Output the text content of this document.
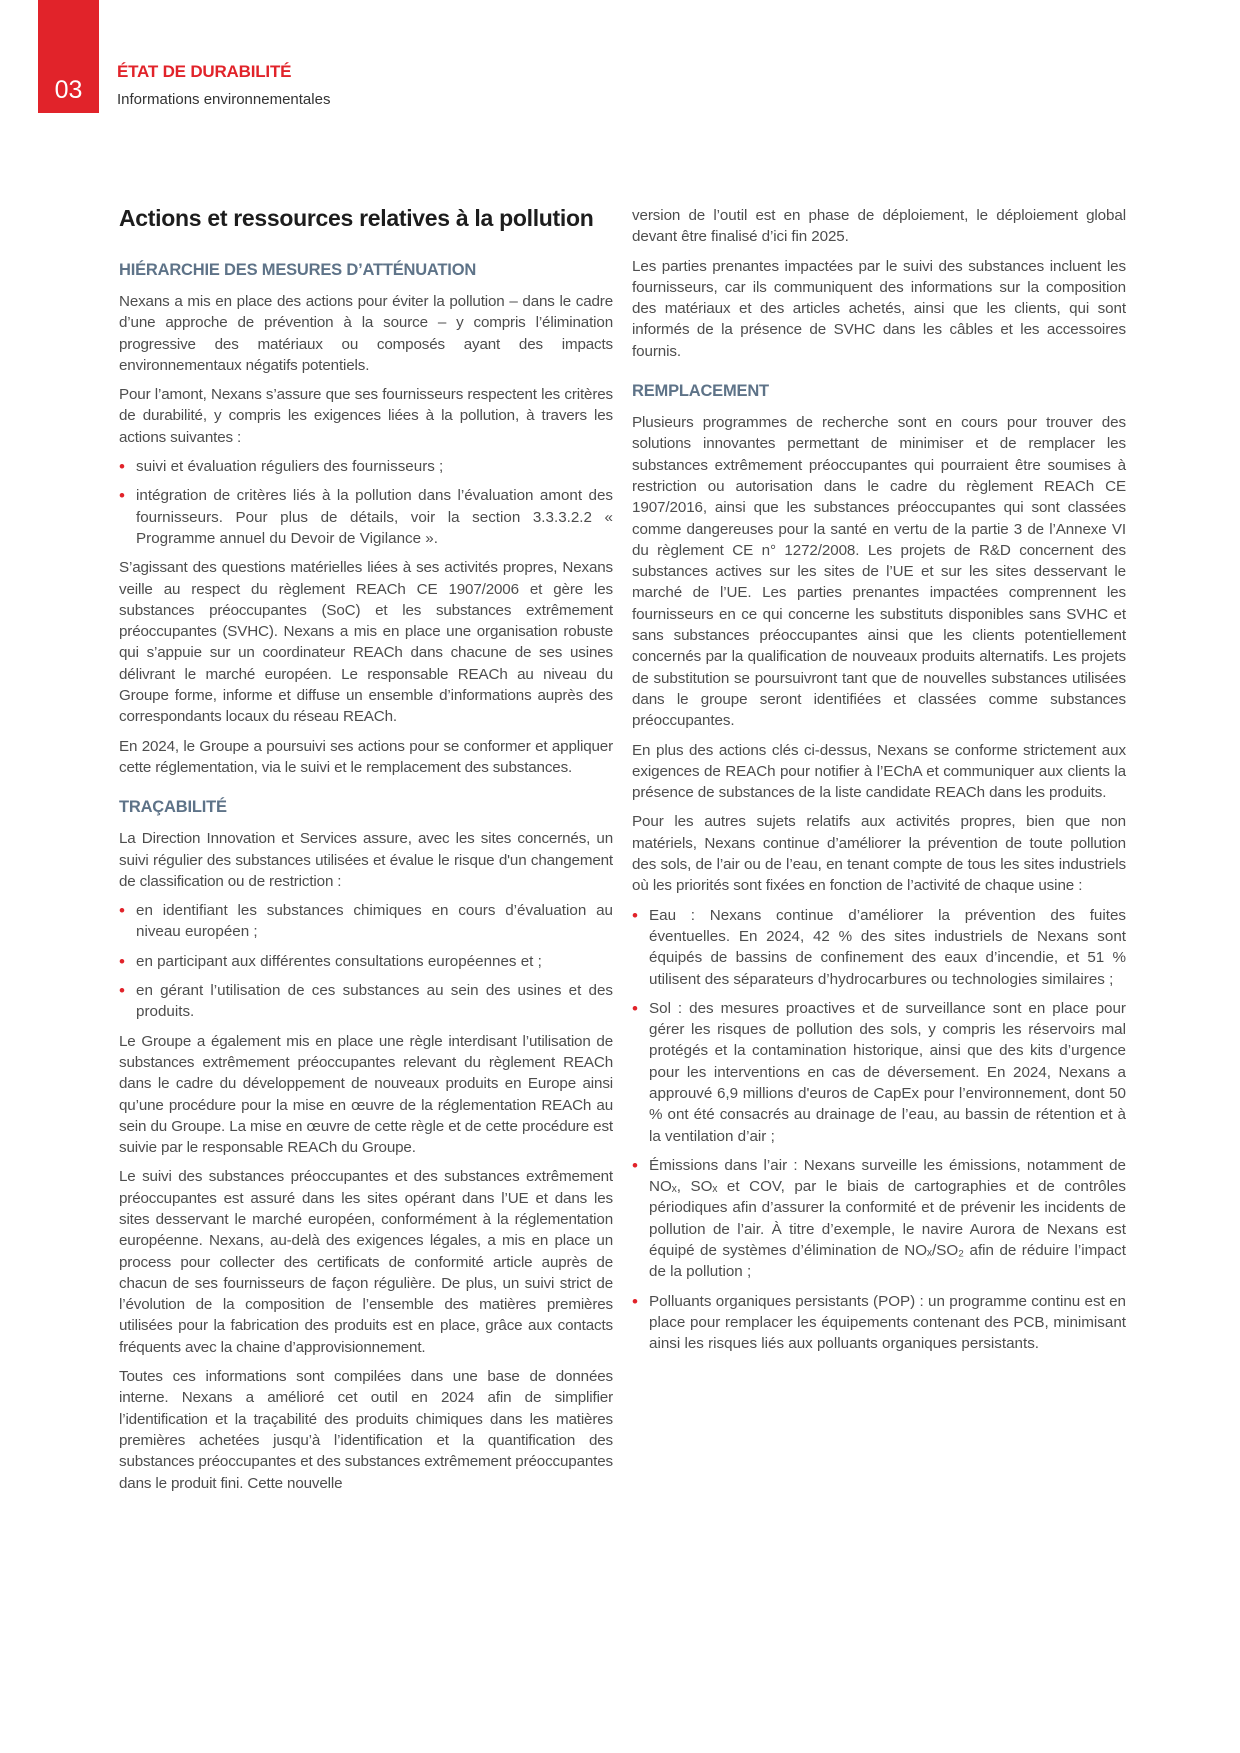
03
ÉTAT DE DURABILITÉ
Informations environnementales
Actions et ressources relatives à la pollution
HIÉRARCHIE DES MESURES D’ATTÉNUATION

Nexans a mis en place des actions pour éviter la pollution – dans le cadre d’une approche de prévention à la source – y compris l’élimination progressive des matériaux ou composés ayant des impacts environnementaux négatifs potentiels.

Pour l’amont, Nexans s’assure que ses fournisseurs respectent les critères de durabilité, y compris les exigences liées à la pollution, à travers les actions suivantes :

• suivi et évaluation réguliers des fournisseurs ;
• intégration de critères liés à la pollution dans l’évaluation amont des fournisseurs. Pour plus de détails, voir la section 3.3.3.2.2 « Programme annuel du Devoir de Vigilance ».

S’agissant des questions matérielles liées à ses activités propres, Nexans veille au respect du règlement REACh CE 1907/2006 et gère les substances préoccupantes (SoC) et les substances extrêmement préoccupantes (SVHC). Nexans a mis en place une organisation robuste qui s’appuie sur un coordinateur REACh dans chacune de ses usines délivrant le marché européen. Le responsable REACh au niveau du Groupe forme, informe et diffuse un ensemble d’informations auprès des correspondants locaux du réseau REACh.

En 2024, le Groupe a poursuivi ses actions pour se conformer et appliquer cette réglementation, via le suivi et le remplacement des substances.

TRAÇABILITÉ

La Direction Innovation et Services assure, avec les sites concernés, un suivi régulier des substances utilisées et évalue le risque d'un changement de classification ou de restriction :

• en identifiant les substances chimiques en cours d’évaluation au niveau européen ;
• en participant aux différentes consultations européennes et ;
• en gérant l’utilisation de ces substances au sein des usines et des produits.

Le Groupe a également mis en place une règle interdisant l’utilisation de substances extrêmement préoccupantes relevant du règlement REACh dans le cadre du développement de nouveaux produits en Europe ainsi qu’une procédure pour la mise en œuvre de la réglementation REACh au sein du Groupe. La mise en œuvre de cette règle et de cette procédure est suivie par le responsable REACh du Groupe.

Le suivi des substances préoccupantes et des substances extrêmement préoccupantes est assuré dans les sites opérant dans l’UE et dans les sites desservant le marché européen, conformément à la réglementation européenne. Nexans, au-delà des exigences légales, a mis en place un process pour collecter des certificats de conformité article auprès de chacun de ses fournisseurs de façon régulière. De plus, un suivi strict de l’évolution de la composition de l’ensemble des matières premières utilisées pour la fabrication des produits est en place, grâce aux contacts fréquents avec la chaine d’approvisionnement.

Toutes ces informations sont compilées dans une base de données interne. Nexans a amélioré cet outil en 2024 afin de simplifier l’identification et la traçabilité des produits chimiques dans les matières premières achetées jusqu’à l’identification et la quantification des substances préoccupantes et des substances extrêmement préoccupantes dans le produit fini. Cette nouvelle

version de l’outil est en phase de déploiement, le déploiement global devant être finalisé d’ici fin 2025.

Les parties prenantes impactées par le suivi des substances incluent les fournisseurs, car ils communiquent des informations sur la composition des matériaux et des articles achetés, ainsi que les clients, qui sont informés de la présence de SVHC dans les câbles et les accessoires fournis.

REMPLACEMENT

Plusieurs programmes de recherche sont en cours pour trouver des solutions innovantes permettant de minimiser et de remplacer les substances extrêmement préoccupantes qui pourraient être soumises à restriction ou autorisation dans le cadre du règlement REACh CE 1907/2016, ainsi que les substances préoccupantes qui sont classées comme dangereuses pour la santé en vertu de la partie 3 de l’Annexe VI du règlement CE n° 1272/2008. Les projets de R&D concernent des substances actives sur les sites de l’UE et sur les sites desservant le marché de l’UE. Les parties prenantes impactées comprennent les fournisseurs en ce qui concerne les substituts disponibles sans SVHC et sans substances préoccupantes ainsi que les clients potentiellement concernés par la qualification de nouveaux produits alternatifs. Les projets de substitution se poursuivront tant que de nouvelles substances utilisées dans le groupe seront identifiées et classées comme substances préoccupantes.

En plus des actions clés ci-dessus, Nexans se conforme strictement aux exigences de REACh pour notifier à l’EChA et communiquer aux clients la présence de substances de la liste candidate REACh dans les produits.

Pour les autres sujets relatifs aux activités propres, bien que non matériels, Nexans continue d’améliorer la prévention de toute pollution des sols, de l’air ou de l’eau, en tenant compte de tous les sites industriels où les priorités sont fixées en fonction de l’activité de chaque usine :

• Eau : Nexans continue d’améliorer la prévention des fuites éventuelles. En 2024, 42 % des sites industriels de Nexans sont équipés de bassins de confinement des eaux d’incendie, et 51 % utilisent des séparateurs d’hydrocarbures ou technologies similaires ;
• Sol : des mesures proactives et de surveillance sont en place pour gérer les risques de pollution des sols, y compris les réservoirs mal protégés et la contamination historique, ainsi que des kits d’urgence pour les interventions en cas de déversement. En 2024, Nexans a approuvé 6,9 millions d'euros de CapEx pour l’environnement, dont 50 % ont été consacrés au drainage de l’eau, au bassin de rétention et à la ventilation d’air ;
• Émissions dans l’air : Nexans surveille les émissions, notamment de NOₓ, SOₓ et COV, par le biais de cartographies et de contrôles périodiques afin d’assurer la conformité et de prévenir les incidents de pollution de l’air. À titre d’exemple, le navire Aurora de Nexans est équipé de systèmes d’élimination de NOₓ/SO₂ afin de réduire l’impact de la pollution ;
• Polluants organiques persistants (POP) : un programme continu est en place pour remplacer les équipements contenant des PCB, minimisant ainsi les risques liés aux polluants organiques persistants.
